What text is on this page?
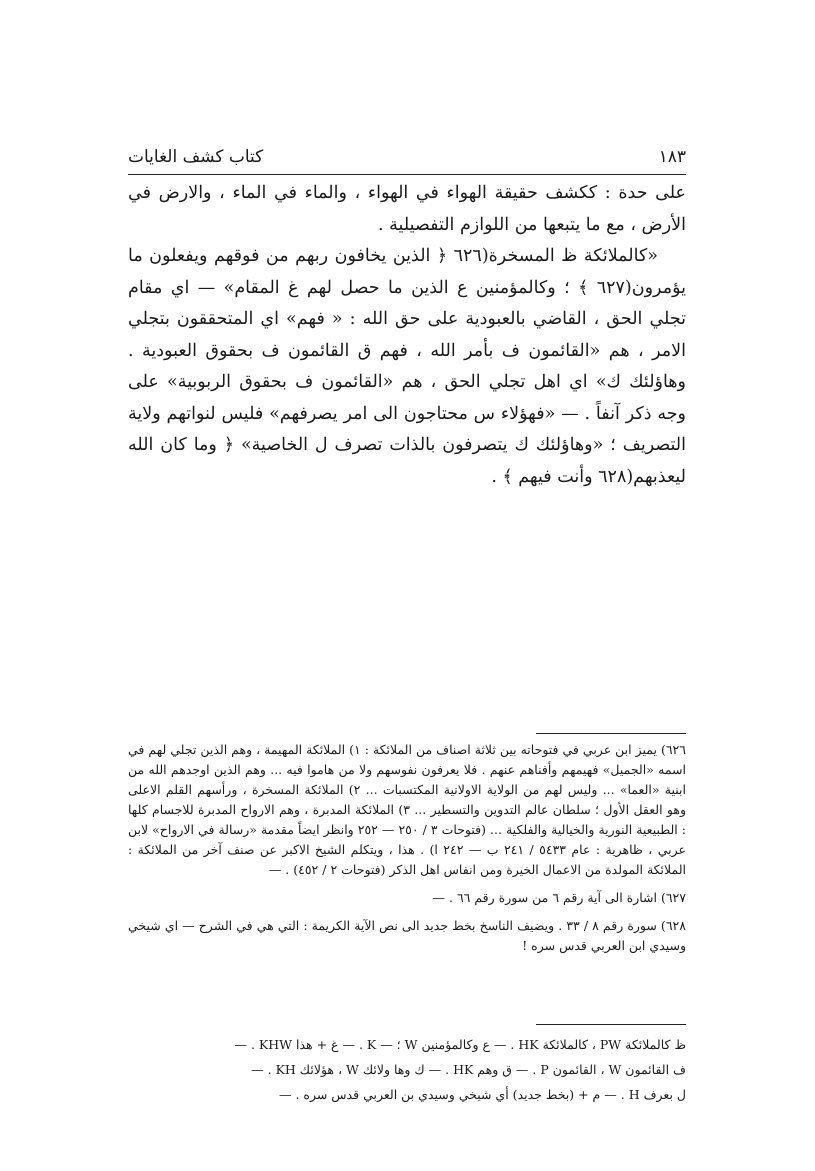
١٨٣
كتاب كشف الغايات

على حدة : ككشف حقيقة الهواء في الهواء ، والماء في الماء ، والارض في الأرض ، مع ما يتبعها من اللوازم التفصيلية .

«كالملائكة ظ المسخرة(٦٢٦ ﴿ الذين يخافون ربهم من فوقهم ويفعلون ما يؤمرون(٦٢٧ ﴾ ؛ وكالمؤمنين ع الذين ما حصل لهم غ المقام» — اي مقام تجلي الحق ، القاضي بالعبودية على حق الله : « فهم» اي المتحققون بتجلي الامر ، هم «القائمون ف بأمر الله ، فهم ق القائمون ف بحقوق العبودية . وهاؤلئك ك» اي اهل تجلي الحق ، هم «القائمون ف بحقوق الربوبية» على وجه ذكر آنفاً . — «فهؤلاء س محتاجون الى امر يصرفهم» فليس لنواتهم ولاية التصريف ؛ «وهاؤلئك ك يتصرفون بالذات تصرف ل الخاصية» ﴿ وما كان الله ليعذبهم(٦٢٨ وأنت فيهم ﴾ .

٦٢٦) يميز ابن عربي في فتوحاته بين ثلاثة اصناف من الملائكة : ١) الملائكة المهيمة ، وهم الذين تجلي لهم في اسمه «الجميل» فهيمهم وأفناهم عنهم . فلا يعرفون نفوسهم ولا من هاموا فيه ... وهم الذين اوجدهم الله من ابنية «العما» ... وليس لهم من الولاية الاولانية المكتسبات ... ٢) الملائكة المسخرة ، ورأسهم القلم الاعلى وهو العقل الأول ؛ سلطان عالم التدوين والتسطير ... ٣) الملائكة المدبرة ، وهم الارواح المدبرة للاجسام كلها : الطبيعية النورية والخيالية والفلكية ... (فتوحات ٣ / ٢٥٠ — ٢٥٢ وانظر ايضاً مقدمة «رسالة في الارواح» لابن عربي ، ظاهرية : عام ٥٤٣٣ / ٢٤١ ب — ٢٤٢ ا) . هذا ، ويتكلم الشيخ الاكبر عن صنف آخر من الملائكة : الملائكة المولدة من الاعمال الخيرة ومن انفاس اهل الذكر (فتوحات ٢ / ٤٥٢) . —

٦٢٧) اشارة الى آية رقم ٦ من سورة رقم ٦٦ . —

٦٢٨) سورة رقم ٨ / ٣٣ . ويضيف الناسخ بخط جديد الى نص الآية الكريمة : التي هي في الشرح — اي شيخي وسيدي ابن العربي قدس سره !

ظ كالملائكة PW ، كالملائكة HK . — ع وكالمؤمنين W ؛ — K . — غ + هذا KHW . —

ف القائمون W ، القائمون P . — ق وهم HK . — ك وها ولائك W ، هؤلائك KH . —

ل بعرف H . — م + (بخط جديد) أي شيخي وسيدي بن العربي قدس سره . —
